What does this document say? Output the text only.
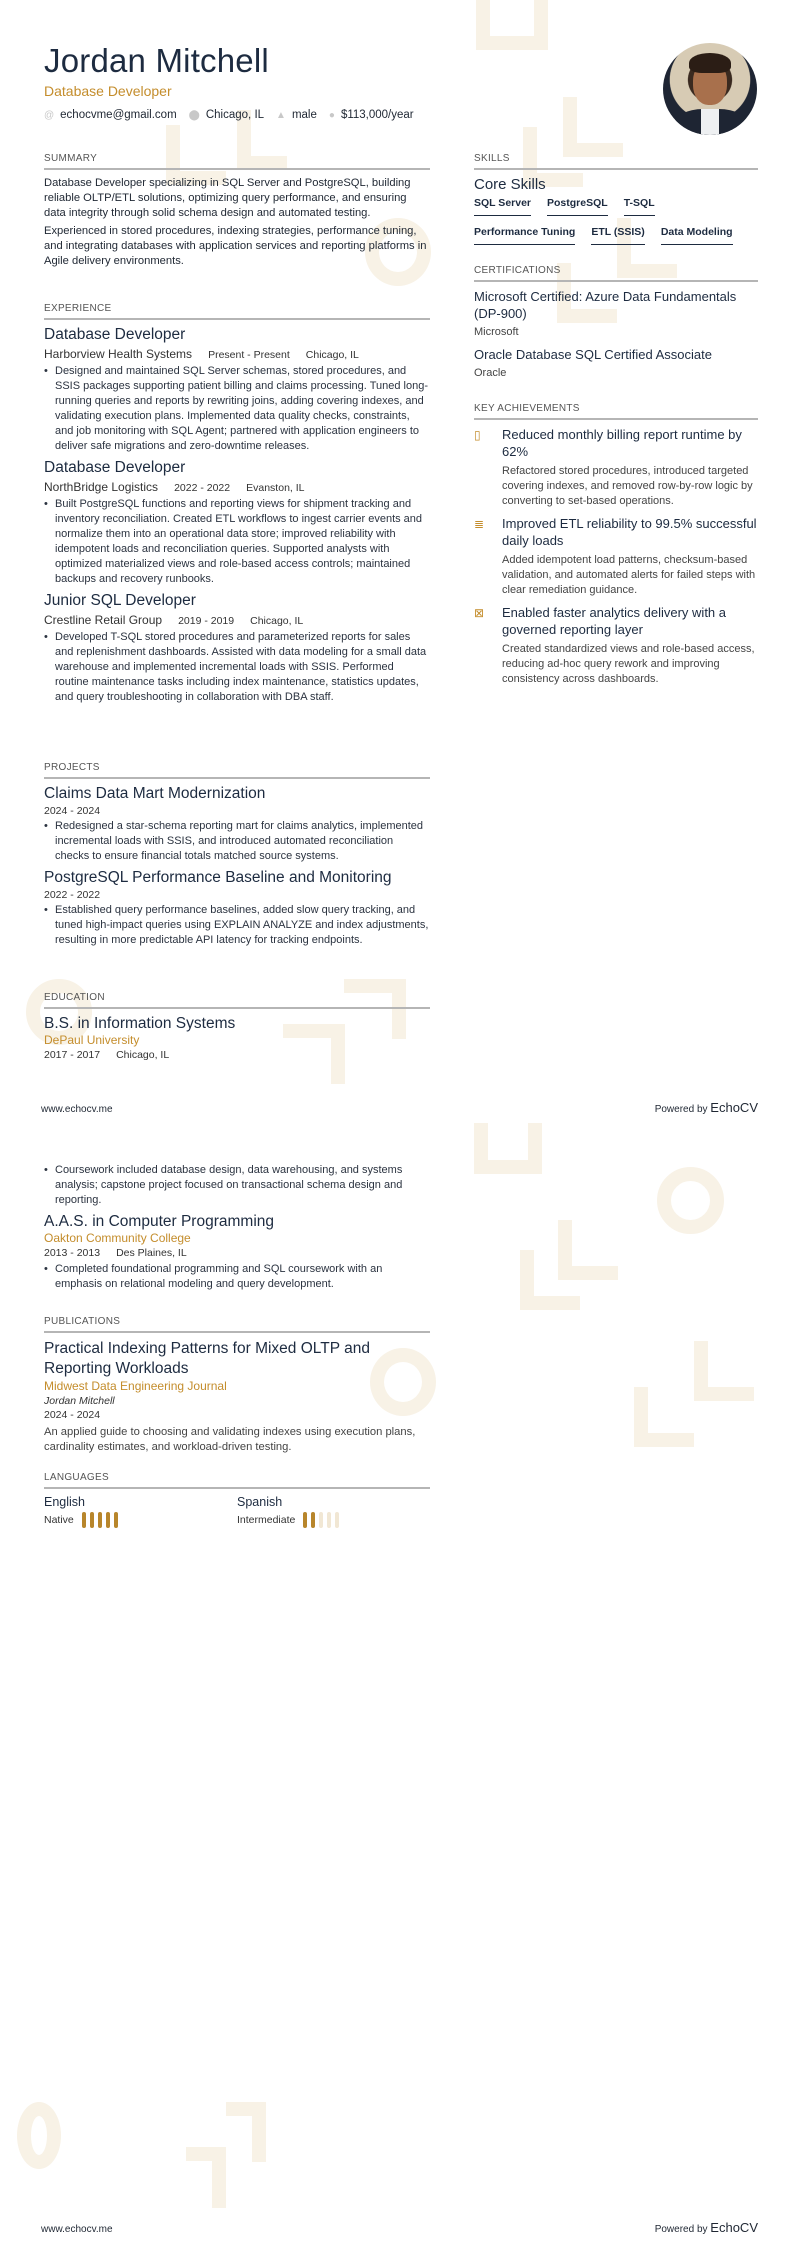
Jordan Mitchell
Database Developer
@ echocvme@gmail.com ⬤ Chicago, IL ▲ male ● $113,000/year
SUMMARY

Database Developer specializing in SQL Server and PostgreSQL, building reliable OLTP/ETL solutions, optimizing query performance, and ensuring data integrity through solid schema design and automated testing.

Experienced in stored procedures, indexing strategies, performance tuning, and integrating databases with application services and reporting platforms in Agile delivery environments.

EXPERIENCE
Database Developer
Harborview Health Systems Present - Present Chicago, IL
• Designed and maintained SQL Server schemas, stored procedures, and SSIS packages supporting patient billing and claims processing. Tuned long-running queries and reports by rewriting joins, adding covering indexes, and validating execution plans. Implemented data quality checks, constraints, and job monitoring with SQL Agent; partnered with application engineers to deliver safe migrations and zero-downtime releases.
Database Developer
NorthBridge Logistics 2022 - 2022 Evanston, IL
• Built PostgreSQL functions and reporting views for shipment tracking and inventory reconciliation. Created ETL workflows to ingest carrier events and normalize them into an operational data store; improved reliability with idempotent loads and reconciliation queries. Supported analysts with optimized materialized views and role-based access controls; maintained backups and recovery runbooks.
Junior SQL Developer
Crestline Retail Group 2019 - 2019 Chicago, IL
• Developed T-SQL stored procedures and parameterized reports for sales and replenishment dashboards. Assisted with data modeling for a small data warehouse and implemented incremental loads with SSIS. Performed routine maintenance tasks including index maintenance, statistics updates, and query troubleshooting in collaboration with DBA staff.
PROJECTS
Claims Data Mart Modernization
2024 - 2024
• Redesigned a star-schema reporting mart for claims analytics, implemented incremental loads with SSIS, and introduced automated reconciliation checks to ensure financial totals matched source systems.
PostgreSQL Performance Baseline and Monitoring
2022 - 2022
• Established query performance baselines, added slow query tracking, and tuned high-impact queries using EXPLAIN ANALYZE and index adjustments, resulting in more predictable API latency for tracking endpoints.
EDUCATION
B.S. in Information Systems
DePaul University
2017 - 2017 Chicago, IL
SKILLS
Core Skills
SQL Server PostgreSQL T-SQL
Performance Tuning ETL (SSIS) Data Modeling
CERTIFICATIONS
Microsoft Certified: Azure Data Fundamentals (DP-900)
Microsoft
Oracle Database SQL Certified Associate
Oracle
KEY ACHIEVEMENTS
▯	Reduced monthly billing report runtime by 62%
Refactored stored procedures, introduced targeted covering indexes, and removed row-by-row logic by converting to set-based operations.
≣ Improved ETL reliability to 99.5% successful daily loads
Added idempotent load patterns, checksum-based validation, and automated alerts for failed steps with clear remediation guidance.
⊠ Enabled faster analytics delivery with a governed reporting layer
Created standardized views and role-based access, reducing ad-hoc query rework and improving consistency across dashboards.
www.echocv.me	Powered by EchoCV
• Coursework included database design, data warehousing, and systems analysis; capstone project focused on transactional schema design and reporting.
A.A.S. in Computer Programming
Oakton Community College
2013 - 2013 Des Plaines, IL
• Completed foundational programming and SQL coursework with an emphasis on relational modeling and query development.
PUBLICATIONS
Practical Indexing Patterns for Mixed OLTP and Reporting Workloads
Midwest Data Engineering Journal
Jordan Mitchell
2024 - 2024

An applied guide to choosing and validating indexes using execution plans, cardinality estimates, and workload-driven testing.

LANGUAGES
English
Native
Spanish
Intermediate
www.echocv.me	Powered by EchoCV
